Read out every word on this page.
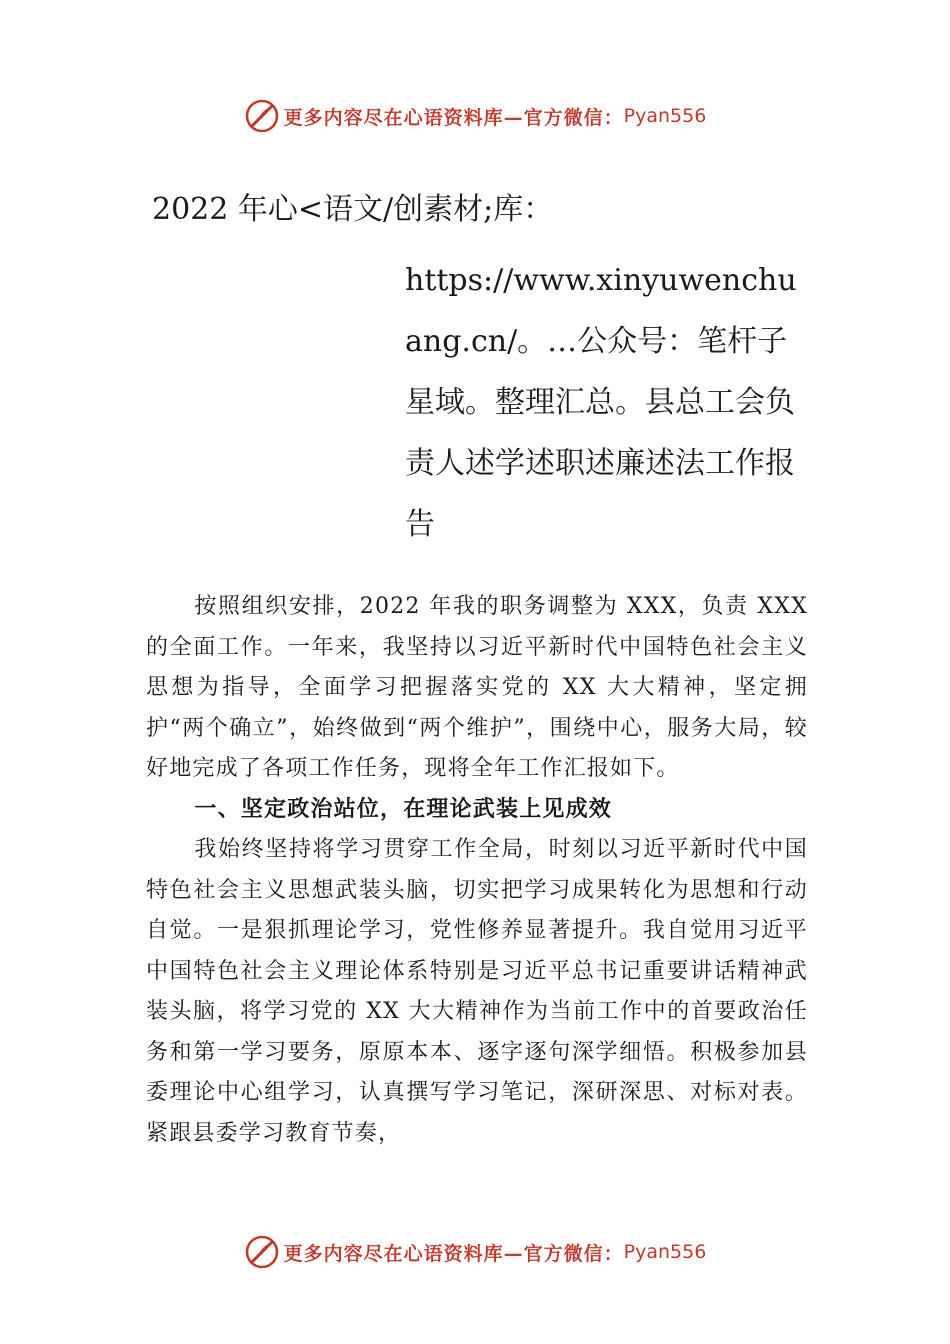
更多内容尽在心语资料库—官方微信： Pyan556
2022 年心<语文/创素材;库：
https://www.xinyuwenchuang.cn/。…公众号：笔杆子星域。整理汇总。县总工会负责人述学述职述廉述法工作报告

按照组织安排，2022 年我的职务调整为 XXX，负责 XXX 的全面工作。一年来，我坚持以习近平新时代中国特色社会主义思想为指导，全面学习把握落实党的 XX 大大精神，坚定拥护“两个确立”，始终做到“两个维护”，围绕中心，服务大局，较好地完成了各项工作任务，现将全年工作汇报如下。

一、坚定政治站位，在理论武装上见成效

我始终坚持将学习贯穿工作全局，时刻以习近平新时代中国特色社会主义思想武装头脑，切实把学习成果转化为思想和行动自觉。一是狠抓理论学习，党性修养显著提升。我自觉用习近平中国特色社会主义理论体系特别是习近平总书记重要讲话精神武装头脑，将学习党的 XX 大大精神作为当前工作中的首要政治任务和第一学习要务，原原本本、逐字逐句深学细悟。积极参加县委理论中心组学习，认真撰写学习笔记，深研深思、对标对表。紧跟县委学习教育节奏，

更多内容尽在心语资料库—官方微信： Pyan556
